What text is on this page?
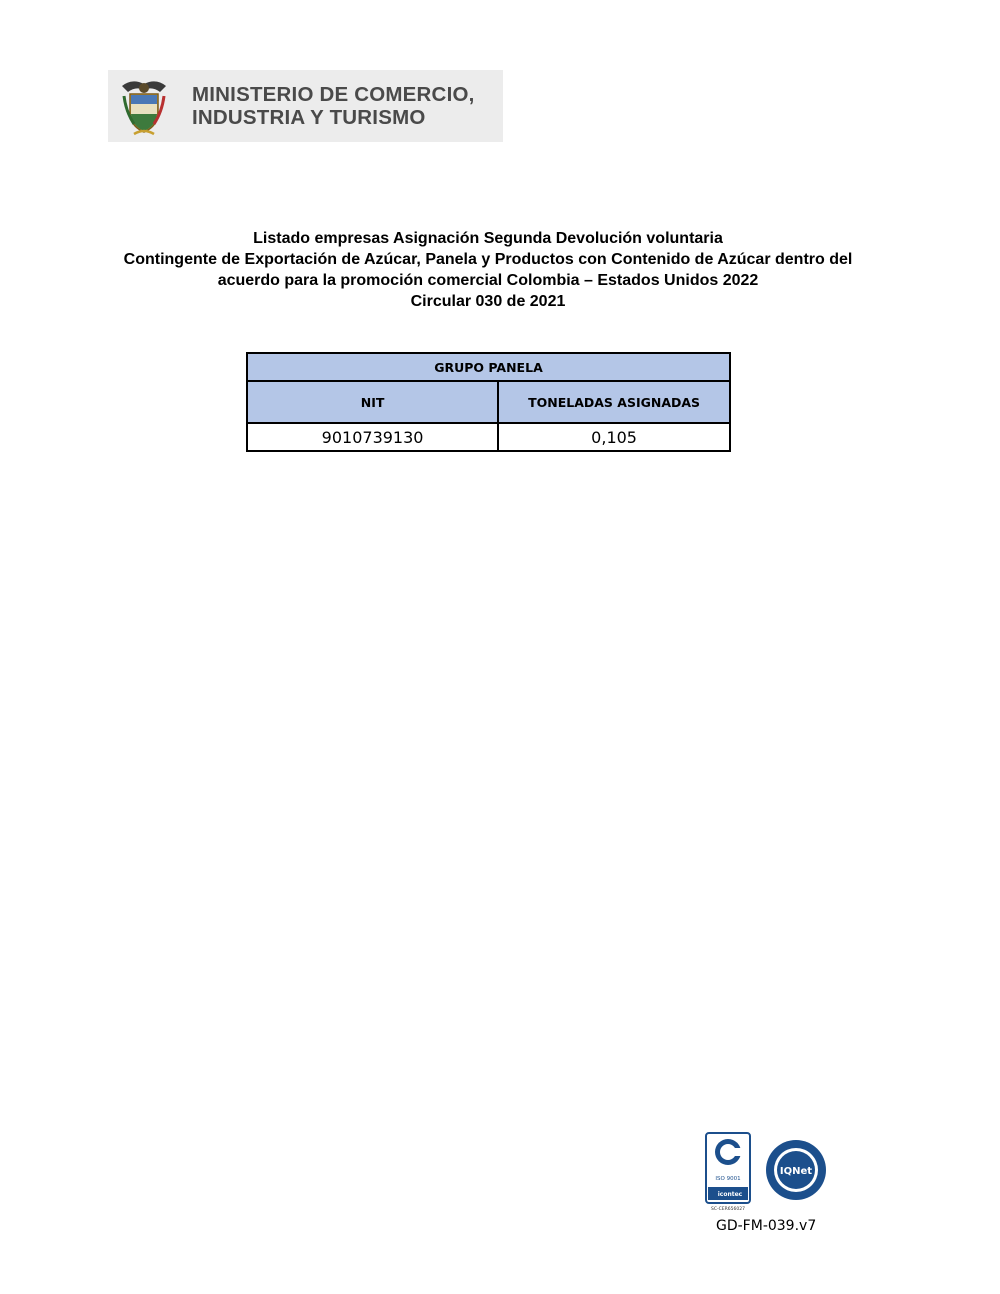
MINISTERIO DE COMERCIO,
INDUSTRIA Y TURISMO
Listado empresas Asignación Segunda Devolución voluntaria
Contingente de Exportación de Azúcar, Panela y Productos con Contenido de Azúcar dentro del
acuerdo para la promoción comercial Colombia – Estados Unidos 2022
Circular 030 de 2021
GRUPO PANELA	
NIT	TONELADAS ASIGNADAS
9010739130	0,105
ISO 9001
icontec
SC-CER656027
IQNet
GD-FM-039.v7
